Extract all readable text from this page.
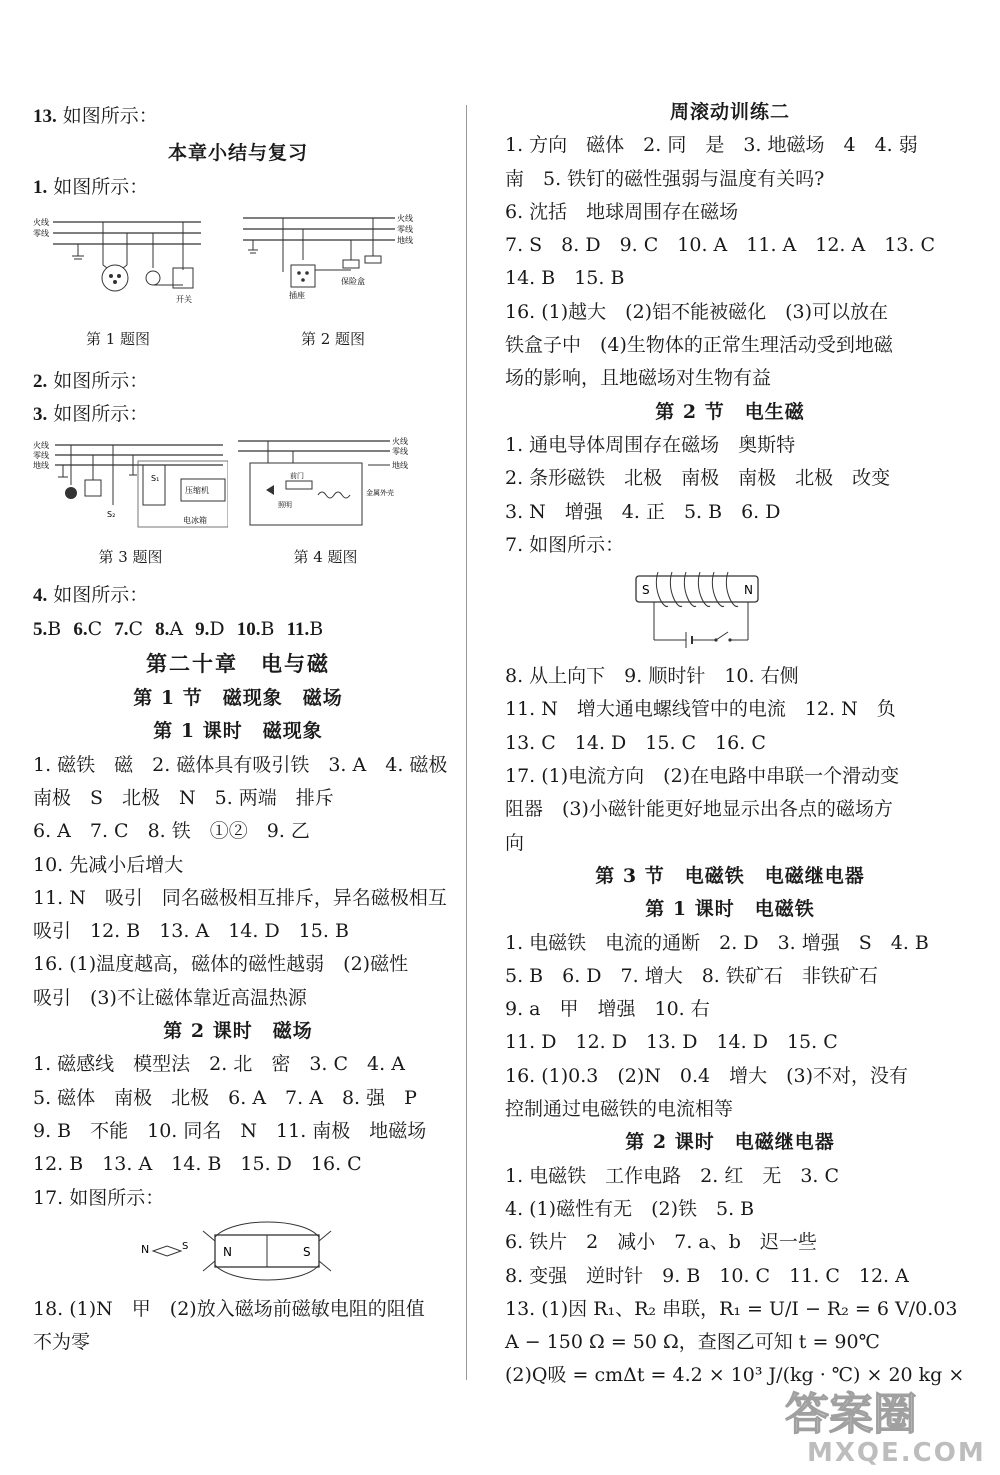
13. 如图所示：
本章小结与复习
1. 如图所示：
火线
零线
开关
第 1 题图
火线
零线
地线
插座
保险盒
第 2 题图
2. 如图所示：
3. 如图所示：
火线
零线
地线
S₂
S₁
压缩机
电冰箱
第 3 题图
火线
零线
地线
前门
照明
金属外壳
第 4 题图
4. 如图所示：
5.B 6.C 7.C 8.A 9.D 10.B 11.B
第二十章　电与磁
第 1 节　磁现象　磁场
第 1 课时　磁现象
1. 磁铁　磁　2. 磁体具有吸引铁　3. A　4. 磁极
南极　S　北极　N　5. 两端　排斥
6. A　7. C　8. 铁　①②　9. 乙
10. 先减小后增大
11. N　吸引　同名磁极相互排斥，异名磁极相互
吸引　12. B　13. A　14. D　15. B
16. (1)温度越高，磁体的磁性越弱　(2)磁性
吸引　(3)不让磁体靠近高温热源
第 2 课时　磁场
1. 磁感线　模型法　2. 北　密　3. C　4. A
5. 磁体　南极　北极　6. A　7. A　8. 强　P
9. B　不能　10. 同名　N　11. 南极　地磁场
12. B　13. A　14. B　15. D　16. C
17. 如图所示：
N	S	N	S
18. (1)N　甲　(2)放入磁场前磁敏电阻的阻值
不为零
周滚动训练二
1. 方向　磁体　2. 同　是　3. 地磁场　4　4. 弱
南　5. 铁钉的磁性强弱与温度有关吗?
6. 沈括　地球周围存在磁场
7. S　8. D　9. C　10. A　11. A　12. A　13. C
14. B　15. B
16. (1)越大　(2)铝不能被磁化　(3)可以放在
铁盒子中　(4)生物体的正常生理活动受到地磁
场的影响，且地磁场对生物有益
第 2 节　电生磁
1. 通电导体周围存在磁场　奥斯特
2. 条形磁铁　北极　南极　南极　北极　改变
3. N　增强　4. 正　5. B　6. D
7. 如图所示：
S	N
8. 从上向下　9. 顺时针　10. 右侧
11. N　增大通电螺线管中的电流　12. N　负
13. C　14. D　15. C　16. C
17. (1)电流方向　(2)在电路中串联一个滑动变
阻器　(3)小磁针能更好地显示出各点的磁场方
向
第 3 节　电磁铁　电磁继电器
第 1 课时　电磁铁
1. 电磁铁　电流的通断　2. D　3. 增强　S　4. B
5. B　6. D　7. 增大　8. 铁矿石　非铁矿石
9. a　甲　增强　10. 右
11. D　12. D　13. D　14. D　15. C
16. (1)0.3　(2)N　0.4　增大　(3)不对，没有
控制通过电磁铁的电流相等
第 2 课时　电磁继电器
1. 电磁铁　工作电路　2. 红　无　3. C
4. (1)磁性有无　(2)铁　5. B
6. 铁片　2　减小　7. a、b　迟一些
8. 变强　逆时针　9. B　10. C　11. C　12. A
13. (1)因 R₁、R₂ 串联，R₁ = U/I − R₂ = 6 V/0.03
A − 150 Ω = 50 Ω，查图乙可知 t = 90℃
(2)Q吸 = cmΔt = 4.2 × 10³ J/(kg · ℃) × 20 kg ×
答案圈
MXQE.COM
